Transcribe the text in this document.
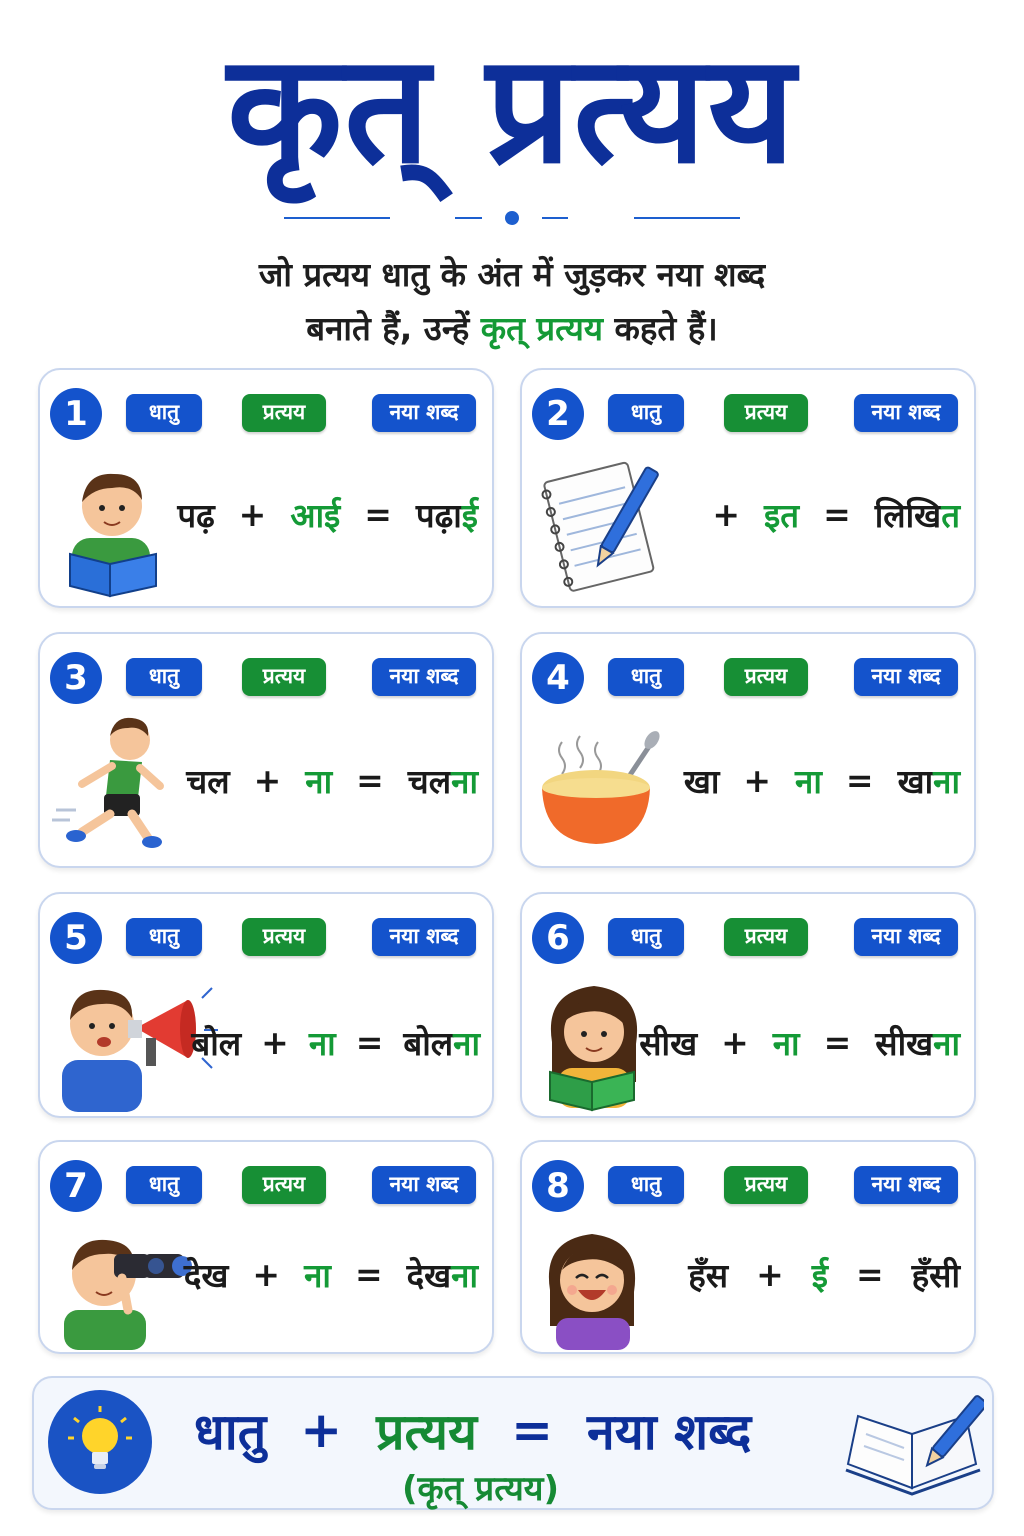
कृत् प्रत्यय
जो प्रत्यय धातु के अंत में जुड़कर नया शब्द
बनाते हैं, उन्हें कृत् प्रत्यय कहते हैं।
1	धातु	प्रत्यय	नया शब्द
पढ़ + आई = पढ़ाई
2	धातु	प्रत्यय	नया शब्द
+ इत = लिखित
3	धातु	प्रत्यय	नया शब्द
चल + ना = चलना
4	धातु	प्रत्यय	नया शब्द
खा + ना = खाना
5	धातु	प्रत्यय	नया शब्द
बोल + ना = बोलना
6	धातु	प्रत्यय	नया शब्द
सीख + ना = सीखना
7	धातु	प्रत्यय	नया शब्द
देख + ना = देखना
8	धातु	प्रत्यय	नया शब्द
हँस + ई = हँस
धातु + प्रत्यय = नया शब्द
(कृत् प्रत्यय)
